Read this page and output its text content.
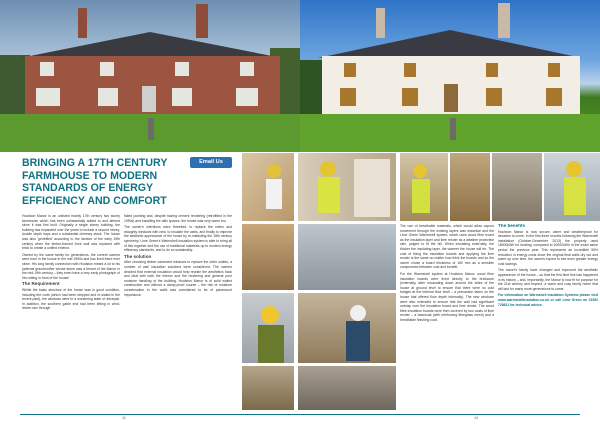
BRINGING A 17TH CENTURY
FARMHOUSE TO MODERN
STANDARDS OF ENERGY
EFFICIENCY AND COMFORT
Email Us

Houlston Manor is an unlisted mainly 17th century two storey farmhouse which has been substantially added to and altered since it was first built. Originally a single storey building, the building has expanded over the years to include a second storey, double depth bays and a substantial chimney stack. The house was also 'gentrified' according to the fashion of the early 19th century when the timber-framed front wall was replaced with brick to create a unified exterior.

Owned by the same family for generations, the current owners were born in the house in the mid 1950s and has lived there ever since. His long family connection with Houlston meant a lot to his paternal grandmother whose stone was a tenant of the Manor in the mid-19th century – they even have a very early photograph of him sitting in front of the house!

The Requirement

Whilst the basic structure of the house was in good condition, including the roofs (which had been stripped and re-slated in the recent past), the windows were in a worsening state of disrepair. In addition, the southern gable end had been letting in wind-driven rain through

failed pointing and, despite having cement rendering (retrofitted in the 1990s) and installing the attic spaces, the house was very warm too.

The owner's intentions were threefold: to replace the rotten and draughty windows with new, to insulate the walls, and finally to improve the aesthetic appearance of the house by re-instituting the 18th century symmetry. Lime Green's Warmshell insulation system is able to bring all of this together and the use of traditional materials up to modern energy efficiency standards, and to do so sustainably.

The solution

After choosing timber casement windows to replace the older outlets, a number of wall insulation solutions were considered. The owners decided that external insulation would help reunite the aesthetics back and deal with both the interior and the rendering and general poor moisture handling of the building. Houlston Manor is of solid walled construction and without a damp-proof course – the risk of moisture condensation in the walls was considered to be of paramount importance.

The use of breathable materials, which would allow vapour movement through the existing layers was essential and the Lime Green Warmshell system, which uses wood fibre board as the insulation layer and lime render as a weather protective skin, judged to fit the bill. When insulating externally, the thicker the insulating layer, the warmer the house will be. The cost of fixing the insulation boards and applying the lime render is the same no matter how thick the boards and so the owner chose a board thickness of 160 mm as a sensible compromise between cost and benefit.

For the Warmshell system at Houlston Manor, wood fibre insulation boards were fixed directly to the brickwork (externally, after excavating down around the sides of the house at ground level to ensure that there were no cold bridges at the internal floor level – a precaution taken on the house that offered floor depth internally). The new windows were also extended to ensure that the wall had significant overlap over the insulation board and lime render. The wood fibre insulation boards were then covered by two coats of lime render – a basecoat (with reinforcing fibreglass mesh) and a breathable finishing coat.

The benefits

Houlston Manor is now secure, warm and weatherproof for decades to come. In the first three months following the Warmshell installation (October-December 2013) the property used 18000kWh for heating, compared to 40000kWh in the exact same period the previous year. This represents an incredible 55% reduction in energy costs since the original final walls dry out and warm up over time, the owners expect to see even greater energy cost savings.

The owner's family have changed and improved the aesthetic appearance of the house – so that the first time this has happened in its history – and, importantly, the Manor is now fit for purpose for the 21st century and beyond, a warm and cosy family home that will last for many more generations to come.

For information on Warmshell Insulation Systems please visit www.warmshellinsulation.co.uk or call Lime Green on 01952 728611 for technical advice.

42	43
